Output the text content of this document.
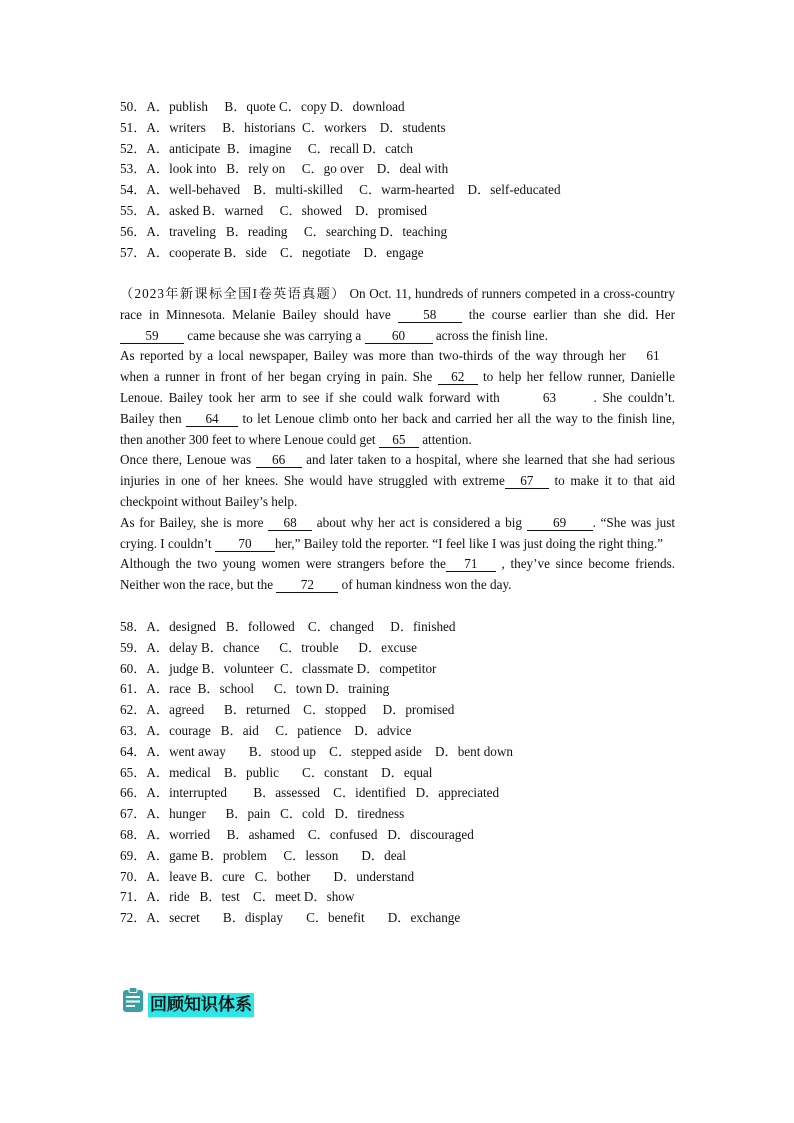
50．A．publish     B．quote C．copy D．download
51．A．writers     B．historians  C．workers    D．students
52．A．anticipate  B．imagine     C．recall D．catch
53．A．look into   B．rely on     C．go over    D．deal with
54．A．well-behaved    B．multi-skilled     C．warm-hearted    D．self-educated
55．A．asked B．warned     C．showed    D．promised
56．A．traveling   B．reading     C．searching D．teaching
57．A．cooperate B．side    C．negotiate    D．engage

（2023年新课标全国I卷英语真题） On Oct. 11, hundreds of runners competed in a cross-country race in Minnesota. Melanie Bailey should have 58 the course earlier than she did. Her 59 came because she was carrying a 60 across the finish line.

As reported by a local newspaper, Bailey was more than two-thirds of the way through her 61 when a runner in front of her began crying in pain. She 62 to help her fellow runner, Danielle Lenoue. Bailey took her arm to see if she could walk forward with	63	. She couldn’t. Bailey then 64 to let Lenoue climb onto her back and carried her all the way to the finish line, then another 300 feet to where Lenoue could get 65 attention.

Once there, Lenoue was 66 and later taken to a hospital, where she learned that she had serious injuries in one of her knees. She would have struggled with extreme 67 to make it to that aid checkpoint without Bailey’s help.

As for Bailey, she is more 68 about why her act is considered a big 69 . “She was just crying. I couldn’t 70 her,” Bailey told the reporter. “I feel like I was just doing the right thing.”

Although the two young women were strangers before the 71 , they’ve since become friends. Neither won the race, but the 72 of human kindness won the day.

58．A．designed   B．followed    C．changed     D．finished
59．A．delay B．chance      C．trouble      D．excuse
60．A．judge B．volunteer  C．classmate D．competitor
61．A．race  B．school      C．town D．training
62．A．agreed      B．returned    C．stopped     D．promised
63．A．courage   B．aid     C．patience    D．advice
64．A．went away       B．stood up    C．stepped aside    D．bent down
65．A．medical    B．public       C．constant    D．equal
66．A．interrupted        B．assessed    C．identified   D．appreciated
67．A．hunger      B．pain   C．cold   D．tiredness
68．A．worried     B．ashamed    C．confused   D．discouraged
69．A．game B．problem     C．lesson       D．deal
70．A．leave B．cure   C．bother       D．understand
71．A．ride   B．test    C．meet D．show
72．A．secret       B．display       C．benefit       D．exchange
回顾知识体系
